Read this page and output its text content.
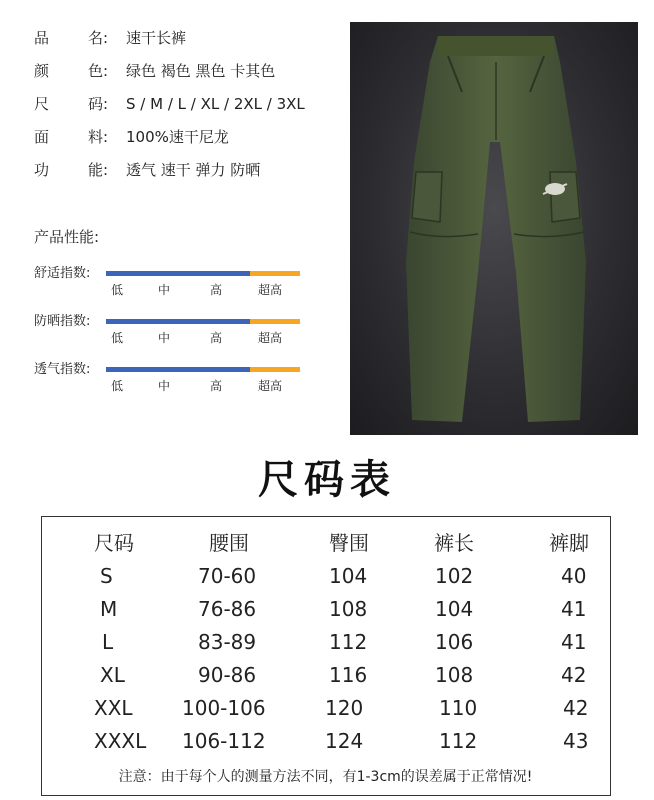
品	名: 速干长裤
颜	色: 绿色 褐色 黑色 卡其色
尺	码: S / M / L / XL / 2XL / 3XL
面	料: 100%速干尼龙
功	能: 透气 速干 弹力 防晒
产品性能:
舒适指数:
低	中	高	超高
防晒指数:
低	中	高	超高
透气指数:
低	中	高	超高
尺码表
尺码	腰围	臀围	裤长	裤脚
S	70-60	104	102	40
M	76-86	108	104	41
L	83-89	112	106	41
XL	90-86	116	108	42
XXL 100-106	120	110	42
XXXL 106-112	124	112	43
注意：由于每个人的测量方法不同，有1-3cm的误差属于正常情况!
